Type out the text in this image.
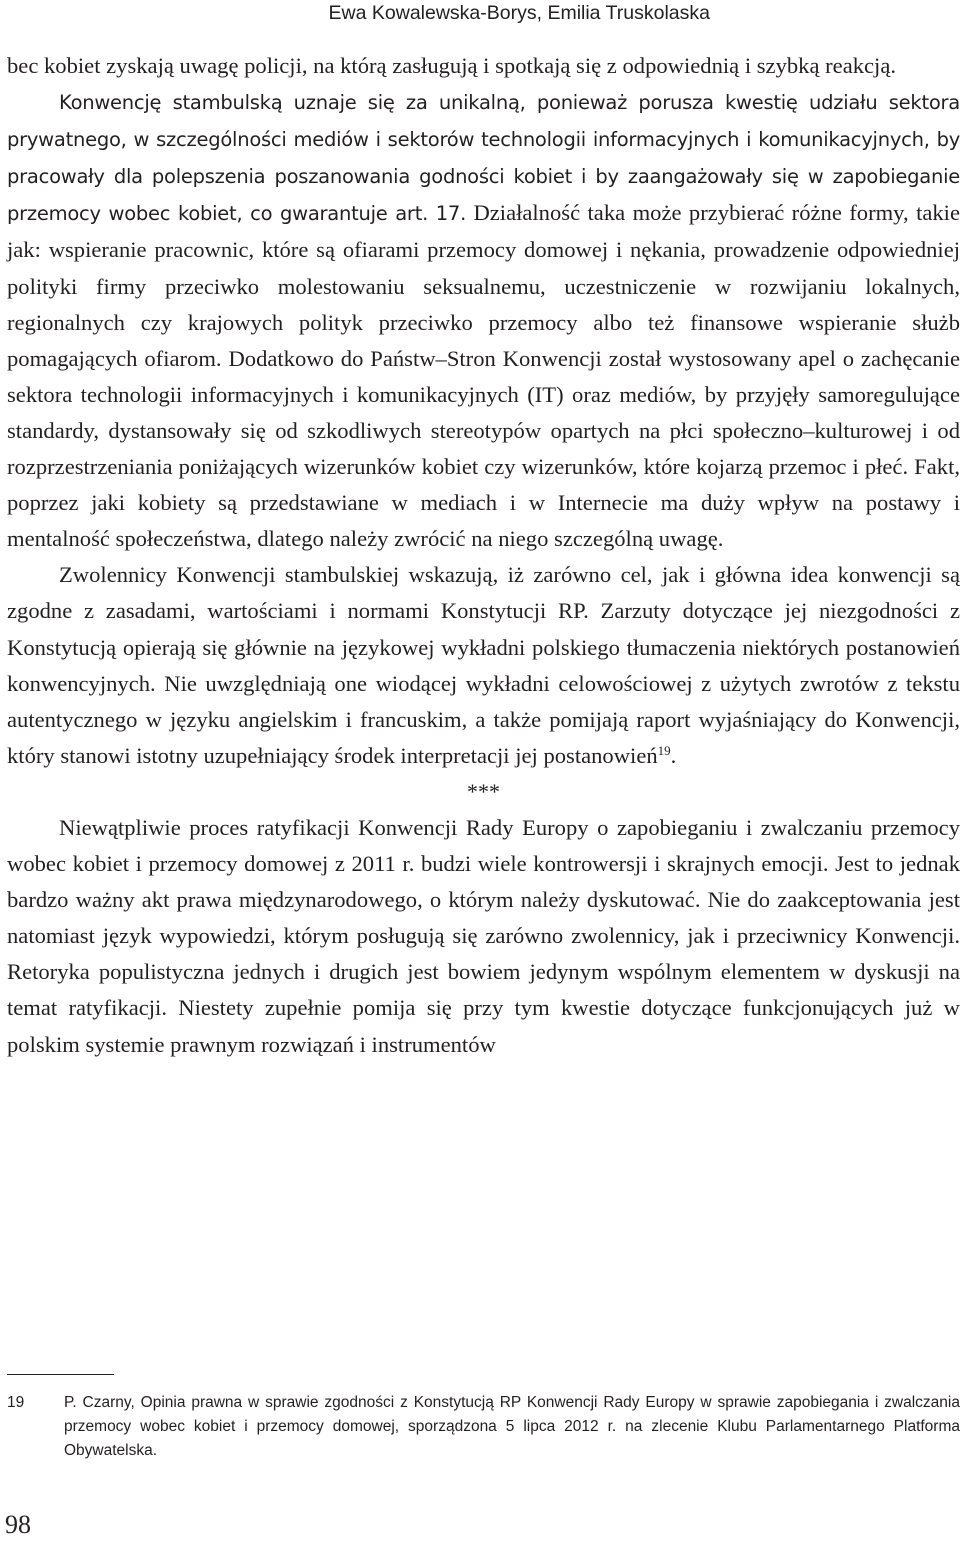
Ewa Kowalewska-Borys, Emilia Truskolaska

bec kobiet zyskają uwagę policji, na którą zasługują i spotkają się z odpowiednią i szybką reakcją.

Konwencję stambulską uznaje się za unikalną, ponieważ porusza kwestię udziału sektora prywatnego, w szczególności mediów i sektorów technologii informacyjnych i komunikacyjnych, by pracowały dla polepszenia poszanowania godności kobiet i by zaangażowały się w zapobieganie przemocy wobec kobiet, co gwarantuje art. 17. Działalność taka może przybierać różne formy, takie jak: wspieranie pracownic, które są ofiarami przemocy domowej i nękania, prowadzenie odpowiedniej polityki firmy przeciwko molestowaniu seksualnemu, uczestniczenie w rozwijaniu lokalnych, regionalnych czy krajowych polityk przeciwko przemocy albo też finansowe wspieranie służb pomagających ofiarom. Dodatkowo do Państw–Stron Konwencji został wystosowany apel o zachęcanie sektora technologii informacyjnych i komunikacyjnych (IT) oraz mediów, by przyjęły samoregulujące standardy, dystansowały się od szkodliwych stereotypów opartych na płci społeczno–kulturowej i od rozprzestrzeniania poniżających wizerunków kobiet czy wizerunków, które kojarzą przemoc i płeć. Fakt, poprzez jaki kobiety są przedstawiane w mediach i w Internecie ma duży wpływ na postawy i mentalność społeczeństwa, dlatego należy zwrócić na niego szczególną uwagę.

Zwolennicy Konwencji stambulskiej wskazują, iż zarówno cel, jak i główna idea konwencji są zgodne z zasadami, wartościami i normami Konstytucji RP. Zarzuty dotyczące jej niezgodności z Konstytucją opierają się głównie na językowej wykładni polskiego tłumaczenia niektórych postanowień konwencyjnych. Nie uwzględniają one wiodącej wykładni celowościowej z użytych zwrotów z tekstu autentycznego w języku angielskim i francuskim, a także pomijają raport wyjaśniający do Konwencji, który stanowi istotny uzupełniający środek interpretacji jej postanowień$^{19}$.

***

Niewątpliwie proces ratyfikacji Konwencji Rady Europy o zapobieganiu i zwalczaniu przemocy wobec kobiet i przemocy domowej z 2011 r. budzi wiele kontrowersji i skrajnych emocji. Jest to jednak bardzo ważny akt prawa międzynarodowego, o którym należy dyskutować. Nie do zaakceptowania jest natomiast język wypowiedzi, którym posługują się zarówno zwolennicy, jak i przeciwnicy Konwencji. Retoryka populistyczna jednych i drugich jest bowiem jedynym wspólnym elementem w dyskusji na temat ratyfikacji. Niestety zupełnie pomija się przy tym kwestie dotyczące funkcjonujących już w polskim systemie prawnym rozwiązań i instrumentów

19	P. Czarny, Opinia prawna w sprawie zgodności z Konstytucją RP Konwencji Rady Europy w sprawie zapobiegania i zwalczania przemocy wobec kobiet i przemocy domowej, sporządzona 5 lipca 2012 r. na zlecenie Klubu Parlamentarnego Platforma Obywatelska.
98
